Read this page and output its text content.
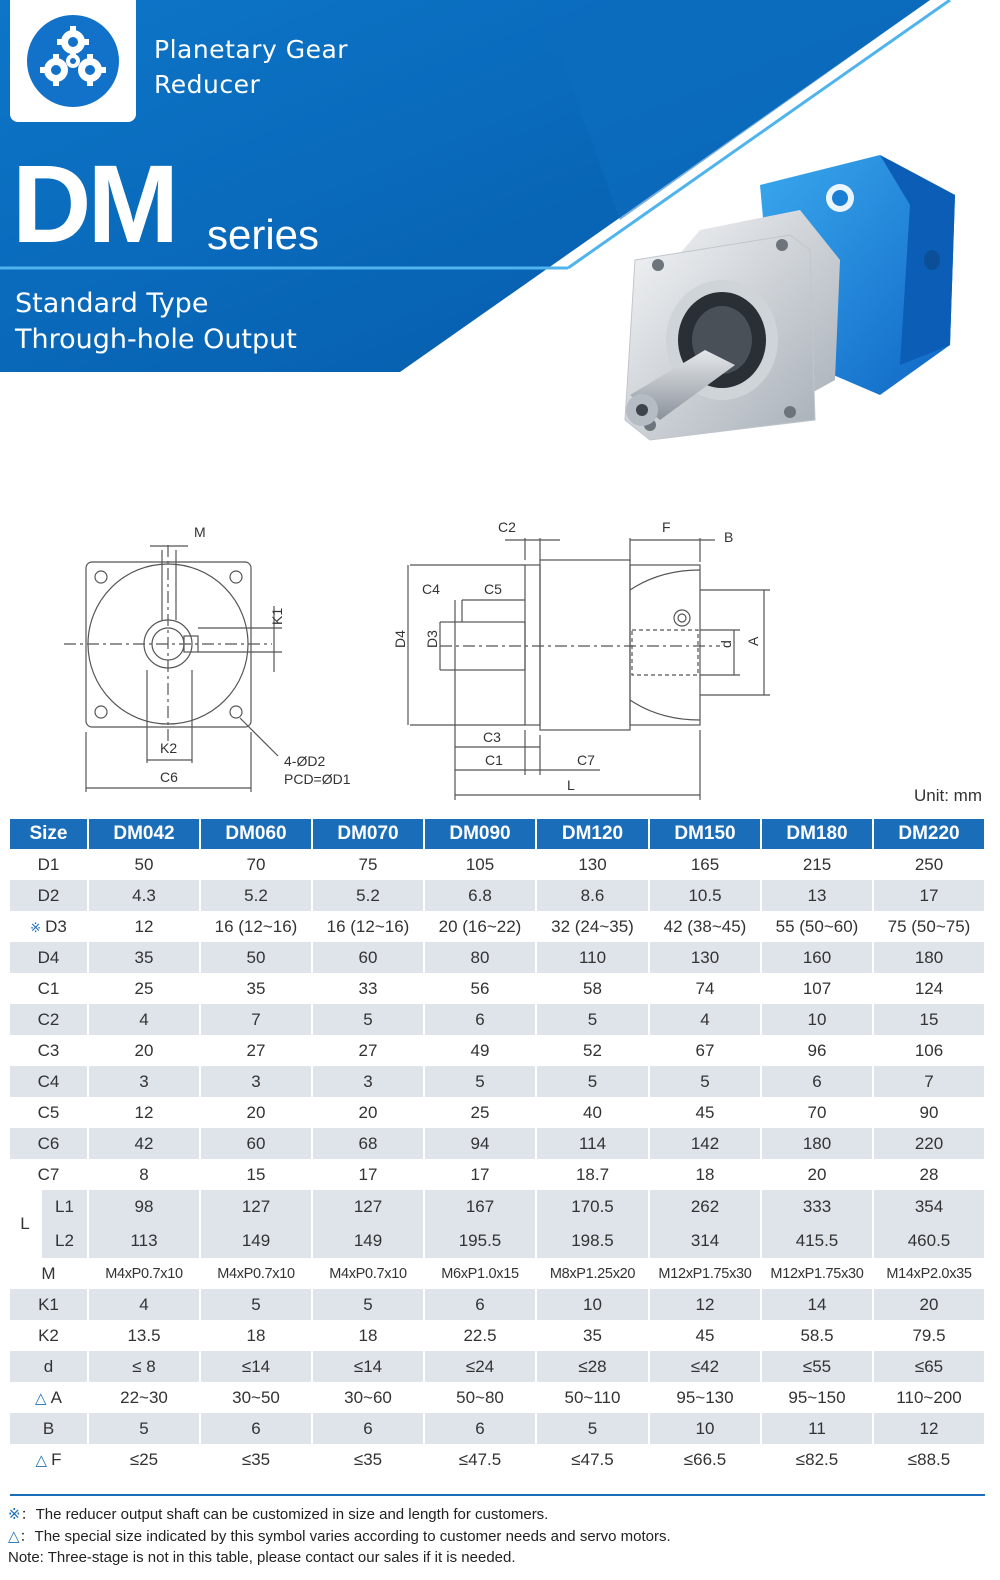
Planetary Gear
Reducer
DM series
Standard Type
Through-hole Output
M
K1
K2
C6
4-ØD2
PCD=ØD1
C2	F
B
C4	C5
D4 D3	d A
C3
C1	C7
L
Unit: mm
Size	DM042	DM060	DM070	DM090	DM120	DM150	DM180	DM220
D1	50	70	75	105	130	165	215	250
D2	4.3	5.2	5.2	6.8	8.6	10.5	13	17
※ D3	12	16 (12~16)	16 (12~16)	20 (16~22)	32 (24~35)	42 (38~45)	55 (50~60)	75 (50~75)
D4	35	50	60	80	110	130	160	180
C1	25	35	33	56	58	74	107	124
C2	4	7	5	6	5	4	10	15
C3	20	27	27	49	52	67	96	106
C4	3	3	3	5	5	5	6	7
C5	12	20	20	25	40	45	70	90
C6	42	60	68	94	114	142	180	220
C7	8	15	17	17	18.7	18	20	28

L
L1	98	127	127	167	170.5	262	333	354

L2	113	149	149	195.5	198.5	314	415.5	460.5
M	M4xP0.7x10	M4xP0.7x10	M4xP0.7x10	M6xP1.0x15	M8xP1.25x20	M12xP1.75x30	M12xP1.75x30	M14xP2.0x35
K1	4	5	5	6	10	12	14	20
K2	13.5	18	18	22.5	35	45	58.5	79.5
d	≤ 8	≤14	≤14	≤24	≤28	≤42	≤55	≤65
△ A	22~30	30~50	30~60	50~80	50~110	95~130	95~150	110~200
B	5	6	6	6	5	10	11	12
△ F	≤25	≤35	≤35	≤47.5	≤47.5	≤66.5	≤82.5	≤88.5
※：The reducer output shaft can be customized in size and length for customers.
△：The special size indicated by this symbol varies according to customer needs and servo motors.
Note: Three-stage is not in this table, please contact our sales if it is needed.
